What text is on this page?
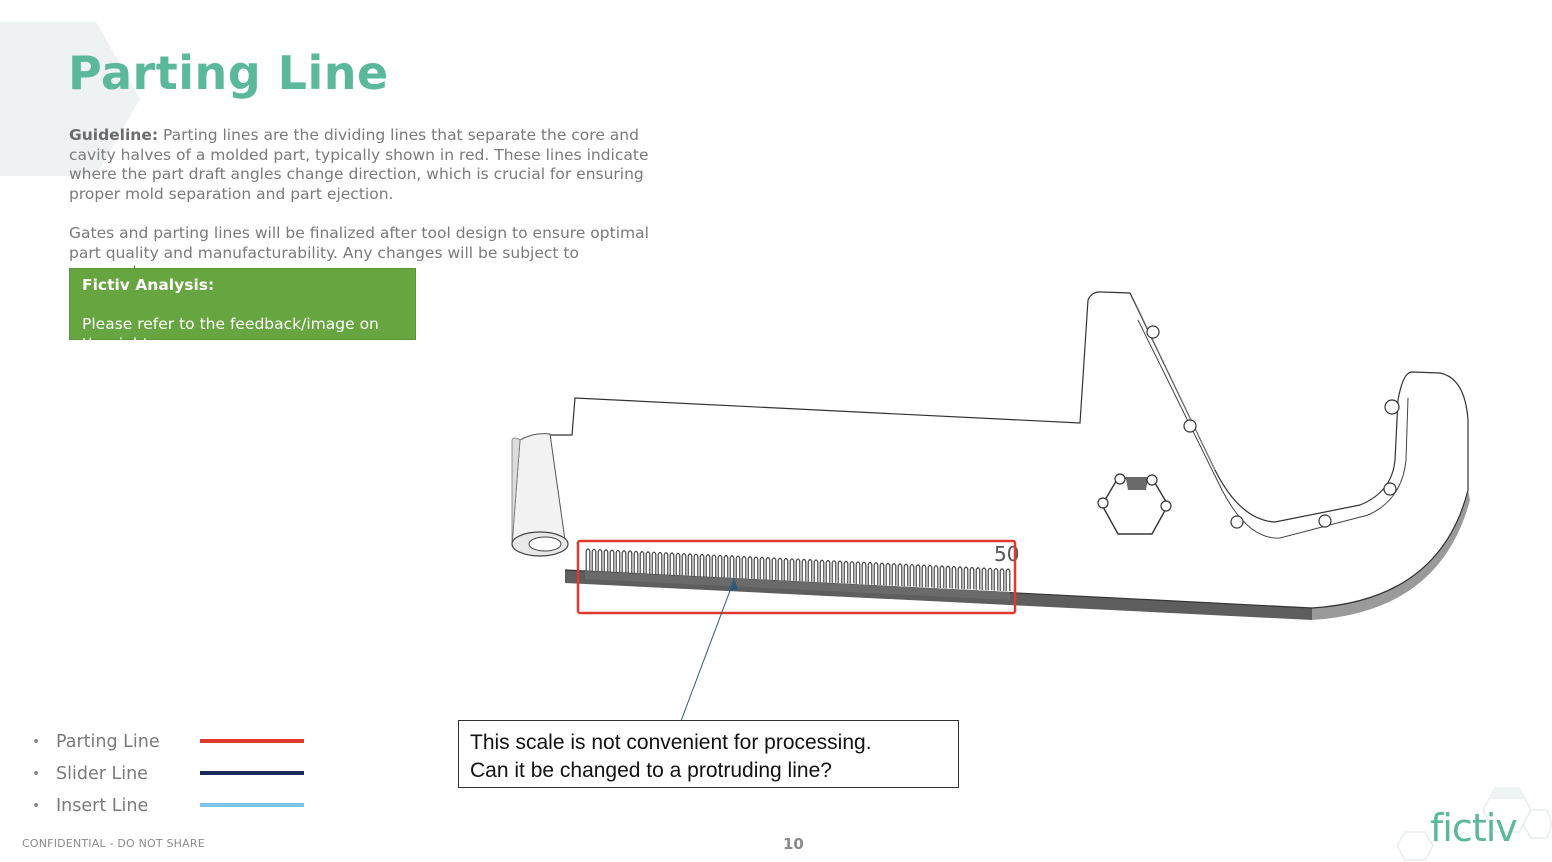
Parting Line

Guideline: Parting lines are the dividing lines that separate the core and cavity halves of a molded part, typically shown in red. These lines indicate where the part draft angles change direction, which is crucial for ensuring proper mold separation and part ejection.

Gates and parting lines will be finalized after tool design to ensure optimal part quality and manufacturability. Any changes will be subject to

Fictiv Analysis:
Please refer to the feedback/image on the right.
50
This scale is not convenient for processing.
Can it be changed to a protruding line?
• Parting Line
• Slider Line
• Insert Line
CONFIDENTIAL - DO NOT SHARE	10	fictiv
